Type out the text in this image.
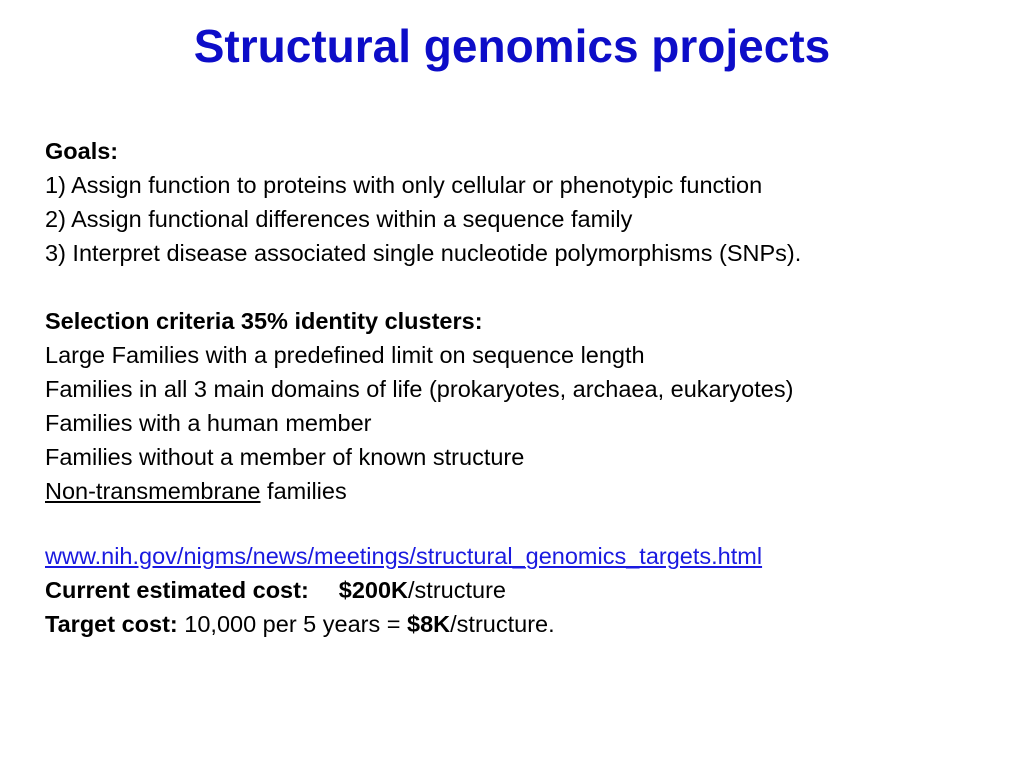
Structural genomics projects
Goals:
1) Assign function to proteins with only cellular or phenotypic function
2) Assign functional differences within a sequence family
3) Interpret disease associated single nucleotide polymorphisms (SNPs).
Selection criteria 35% identity clusters:
Large Families with a predefined limit on sequence length
Families in all 3 main domains of life (prokaryotes, archaea, eukaryotes)
Families with a human member
Families without a member of known structure
Non-transmembrane families
www.nih.gov/nigms/news/meetings/structural_genomics_targets.html
Current estimated cost: $200K/structure
Target cost: 10,000 per 5 years = $8K/structure.
